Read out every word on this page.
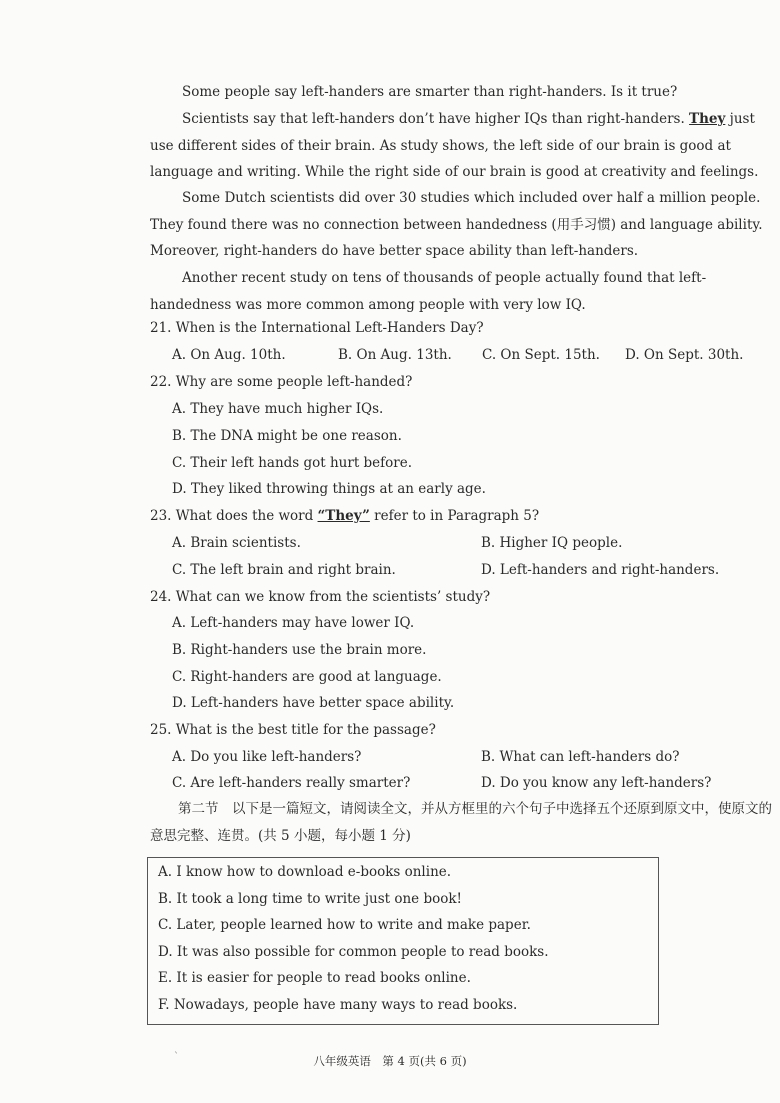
Some people say left-handers are smarter than right-handers. Is it true?
Scientists say that left-handers don’t have higher IQs than right-handers. They just use different sides of their brain. As study shows, the left side of our brain is good at language and writing. While the right side of our brain is good at creativity and feelings.
Some Dutch scientists did over 30 studies which included over half a million people. They found there was no connection between handedness (用手习惯) and language ability. Moreover, right-handers do have better space ability than left-handers.
Another recent study on tens of thousands of people actually found that left-handedness was more common among people with very low IQ.
21. When is the International Left-Handers Day?
A. On Aug. 10th.	B. On Aug. 13th. C. On Sept. 15th. D. On Sept. 30th.
22. Why are some people left-handed?
A. They have much higher IQs.
B. The DNA might be one reason.
C. Their left hands got hurt before.
D. They liked throwing things at an early age.
23. What does the word “They” refer to in Paragraph 5?
A. Brain scientists.	B. Higher IQ people.
C. The left brain and right brain.	D. Left-handers and right-handers.
24. What can we know from the scientists’ study?
A. Left-handers may have lower IQ.
B. Right-handers use the brain more.
C. Right-handers are good at language.
D. Left-handers have better space ability.
25. What is the best title for the passage?
A. Do you like left-handers?	B. What can left-handers do?
C. Are left-handers really smarter?	D. Do you know any left-handers?
第二节　以下是一篇短文，请阅读全文，并从方框里的六个句子中选择五个还原到原文中，使原文的意思完整、连贯。(共 5 小题，每小题 1 分)
A. I know how to download e-books online.
B. It took a long time to write just one book!
C. Later, people learned how to write and make paper.
D. It was also possible for common people to read books.
E. It is easier for people to read books online.
F. Nowadays, people have many ways to read books.
`	八年级英语　第 4 页(共 6 页)
